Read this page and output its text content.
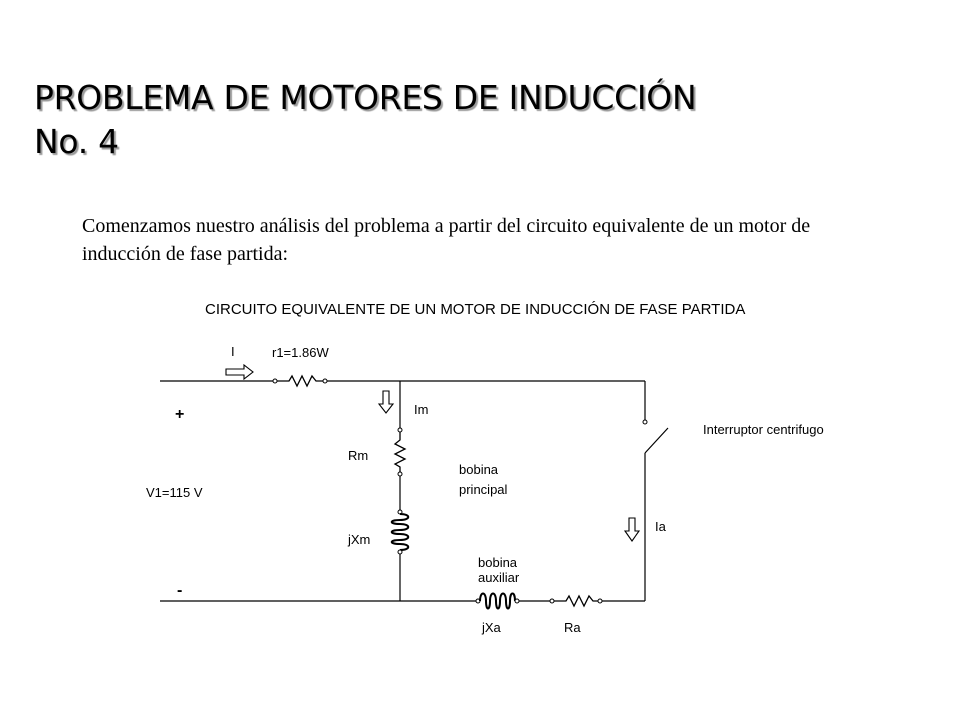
PROBLEMA DE MOTORES DE INDUCCIÓN
No. 4

Comenzamos nuestro análisis del problema a partir del circuito equivalente de un motor de inducción de fase partida:

CIRCUITO EQUIVALENTE DE UN MOTOR DE INDUCCIÓN DE FASE PARTIDA
I	r1=1.86W
Im
+
Rm
bobina
principal
V1=115 V
Ia
jXm
bobina
auxiliar
-
Interruptor centrifugo
jXa	Ra
